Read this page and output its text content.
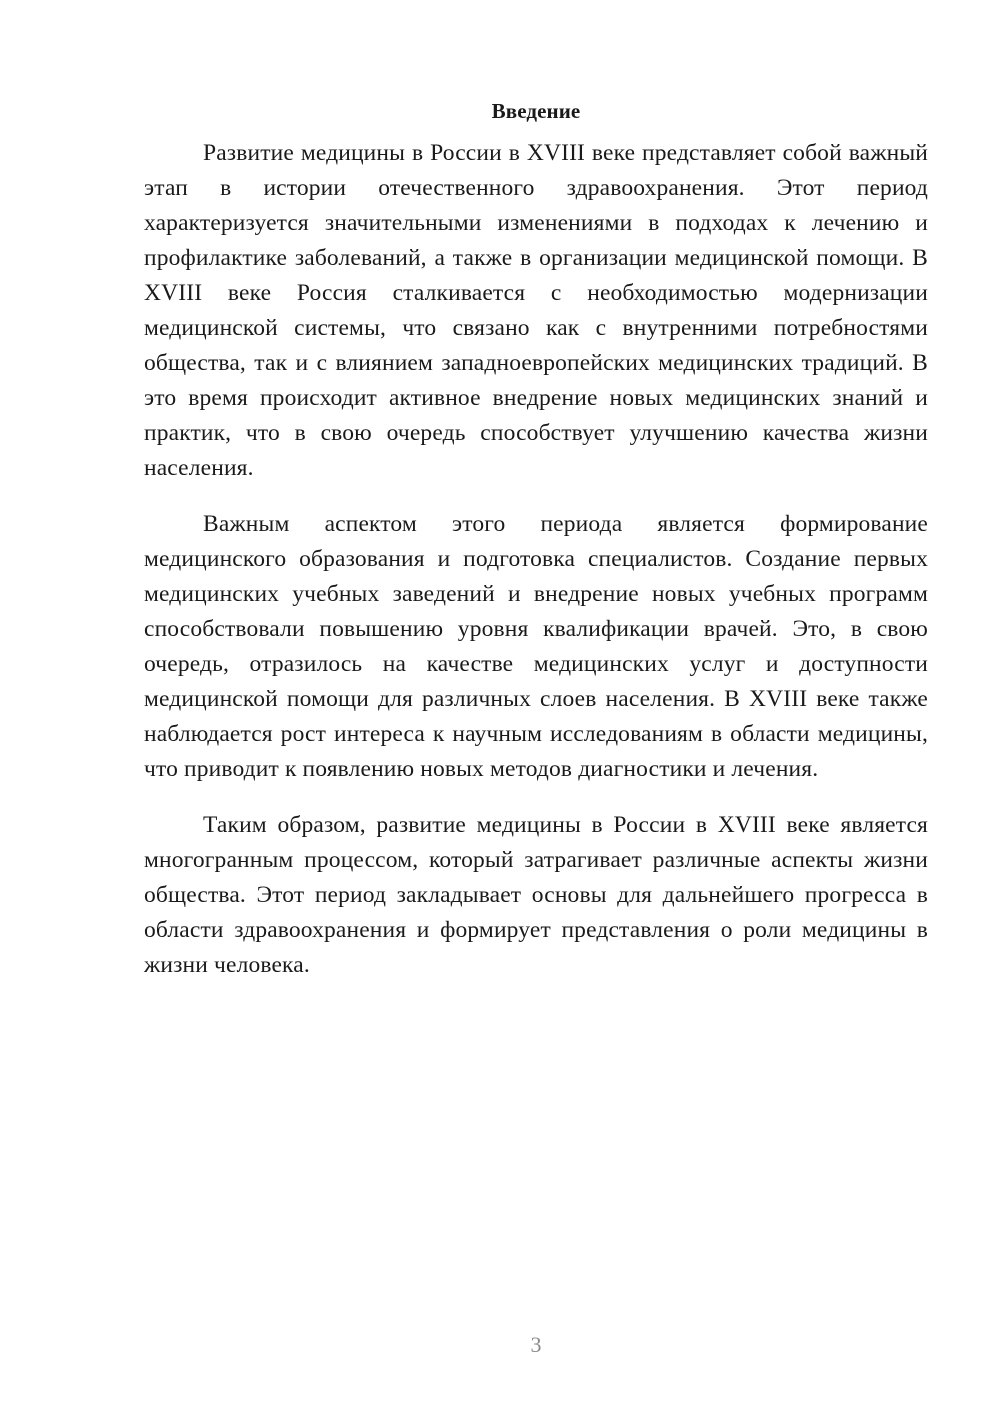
Введение

Развитие медицины в России в XVIII веке представляет собой важный этап в истории отечественного здравоохранения. Этот период характеризуется значительными изменениями в подходах к лечению и профилактике заболеваний, а также в организации медицинской помощи. В XVIII веке Россия сталкивается с необходимостью модернизации медицинской системы, что связано как с внутренними потребностями общества, так и с влиянием западноевропейских медицинских традиций. В это время происходит активное внедрение новых медицинских знаний и практик, что в свою очередь способствует улучшению качества жизни населения.

Важным аспектом этого периода является формирование медицинского образования и подготовка специалистов. Создание первых медицинских учебных заведений и внедрение новых учебных программ способствовали повышению уровня квалификации врачей. Это, в свою очередь, отразилось на качестве медицинских услуг и доступности медицинской помощи для различных слоев населения. В XVIII веке также наблюдается рост интереса к научным исследованиям в области медицины, что приводит к появлению новых методов диагностики и лечения.

Таким образом, развитие медицины в России в XVIII веке является многогранным процессом, который затрагивает различные аспекты жизни общества. Этот период закладывает основы для дальнейшего прогресса в области здравоохранения и формирует представления о роли медицины в жизни человека.

3
